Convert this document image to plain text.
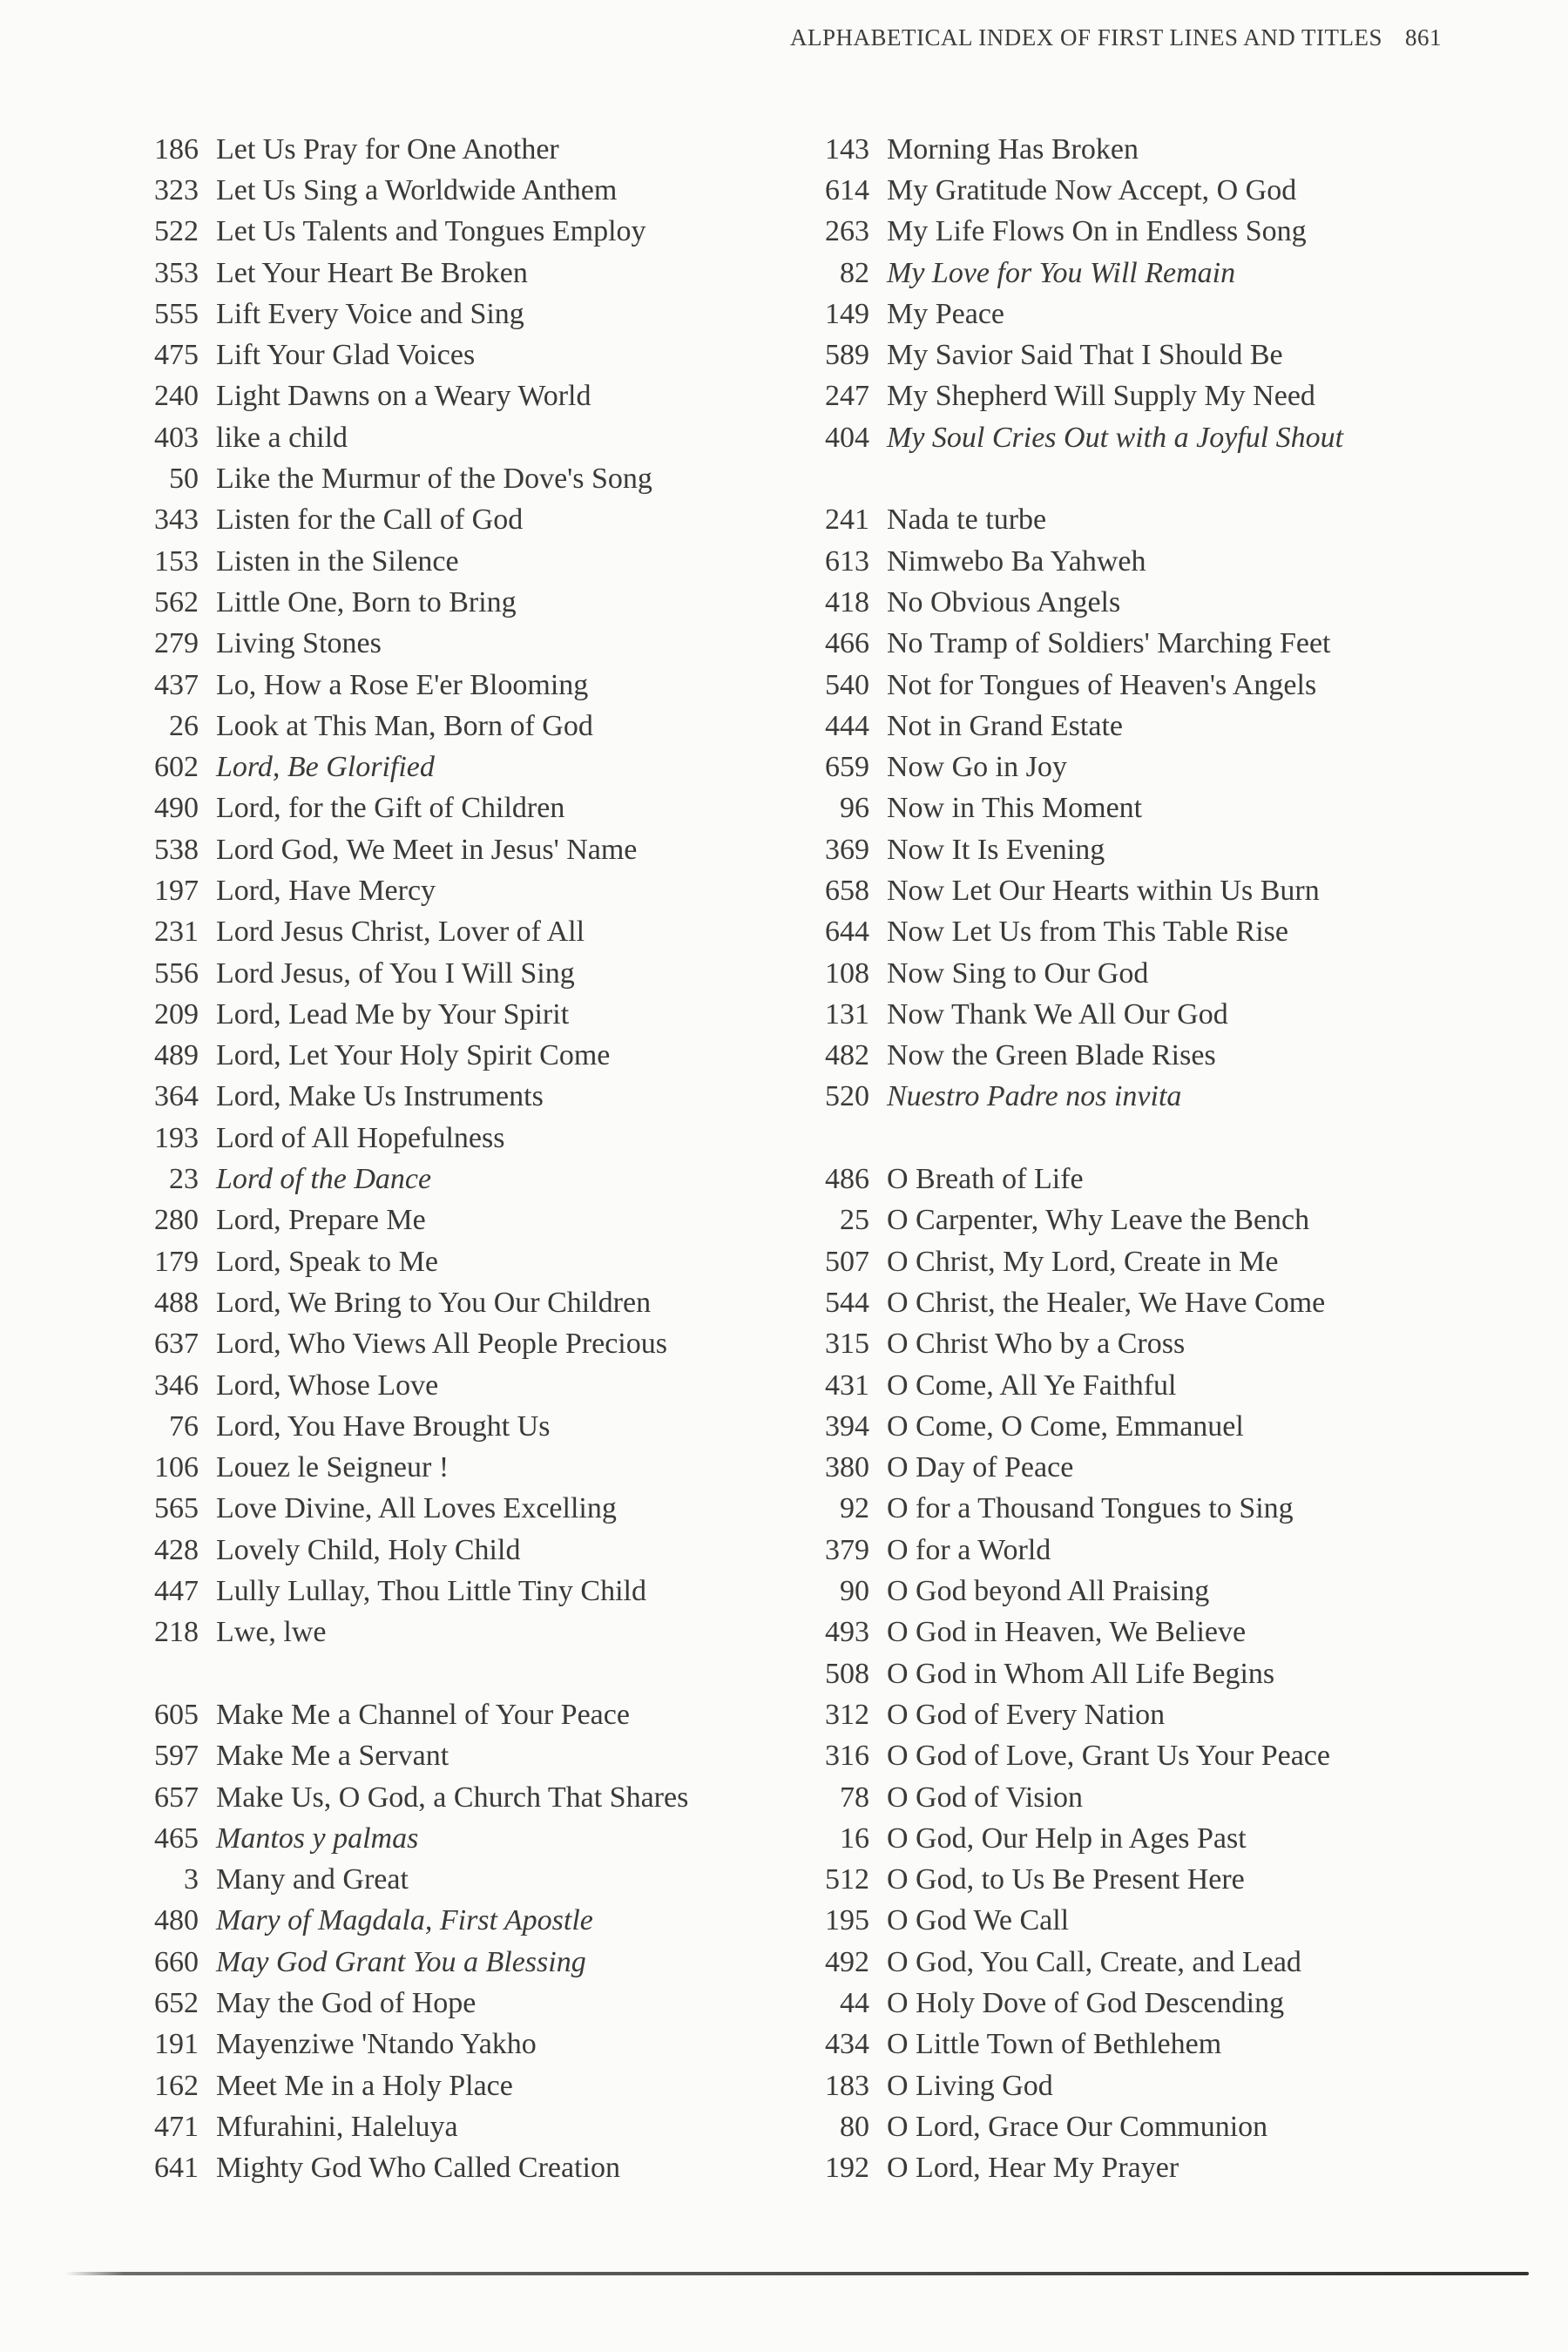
ALPHABETICAL INDEX OF FIRST LINES AND TITLES 861
186 Let Us Pray for One Another
323 Let Us Sing a Worldwide Anthem
522 Let Us Talents and Tongues Employ
353 Let Your Heart Be Broken
555 Lift Every Voice and Sing
475 Lift Your Glad Voices
240 Light Dawns on a Weary World
403 like a child
50 Like the Murmur of the Dove's Song
343 Listen for the Call of God
153 Listen in the Silence
562 Little One, Born to Bring
279 Living Stones
437 Lo, How a Rose E'er Blooming
26 Look at This Man, Born of God
602 Lord, Be Glorified
490 Lord, for the Gift of Children
538 Lord God, We Meet in Jesus' Name
197 Lord, Have Mercy
231 Lord Jesus Christ, Lover of All
556 Lord Jesus, of You I Will Sing
209 Lord, Lead Me by Your Spirit
489 Lord, Let Your Holy Spirit Come
364 Lord, Make Us Instruments
193 Lord of All Hopefulness
23 Lord of the Dance
280 Lord, Prepare Me
179 Lord, Speak to Me
488 Lord, We Bring to You Our Children
637 Lord, Who Views All People Precious
346 Lord, Whose Love
76 Lord, You Have Brought Us
106 Louez le Seigneur !
565 Love Divine, All Loves Excelling
428 Lovely Child, Holy Child
447 Lully Lullay, Thou Little Tiny Child
218 Lwe, lwe
605 Make Me a Channel of Your Peace
597 Make Me a Servant
657 Make Us, O God, a Church That Shares
465 Mantos y palmas
3 Many and Great
480 Mary of Magdala, First Apostle
660 May God Grant You a Blessing
652 May the God of Hope
191 Mayenziwe 'Ntando Yakho
162 Meet Me in a Holy Place
471 Mfurahini, Haleluya
641 Mighty God Who Called Creation
143 Morning Has Broken
614 My Gratitude Now Accept, O God
263 My Life Flows On in Endless Song
82 My Love for You Will Remain
149 My Peace
589 My Savior Said That I Should Be
247 My Shepherd Will Supply My Need
404 My Soul Cries Out with a Joyful Shout
241 Nada te turbe
613 Nimwebo Ba Yahweh
418 No Obvious Angels
466 No Tramp of Soldiers' Marching Feet
540 Not for Tongues of Heaven's Angels
444 Not in Grand Estate
659 Now Go in Joy
96 Now in This Moment
369 Now It Is Evening
658 Now Let Our Hearts within Us Burn
644 Now Let Us from This Table Rise
108 Now Sing to Our God
131 Now Thank We All Our God
482 Now the Green Blade Rises
520 Nuestro Padre nos invita
486 O Breath of Life
25 O Carpenter, Why Leave the Bench
507 O Christ, My Lord, Create in Me
544 O Christ, the Healer, We Have Come
315 O Christ Who by a Cross
431 O Come, All Ye Faithful
394 O Come, O Come, Emmanuel
380 O Day of Peace
92 O for a Thousand Tongues to Sing
379 O for a World
90 O God beyond All Praising
493 O God in Heaven, We Believe
508 O God in Whom All Life Begins
312 O God of Every Nation
316 O God of Love, Grant Us Your Peace
78 O God of Vision
16 O God, Our Help in Ages Past
512 O God, to Us Be Present Here
195 O God We Call
492 O God, You Call, Create, and Lead
44 O Holy Dove of God Descending
434 O Little Town of Bethlehem
183 O Living God
80 O Lord, Grace Our Communion
192 O Lord, Hear My Prayer
